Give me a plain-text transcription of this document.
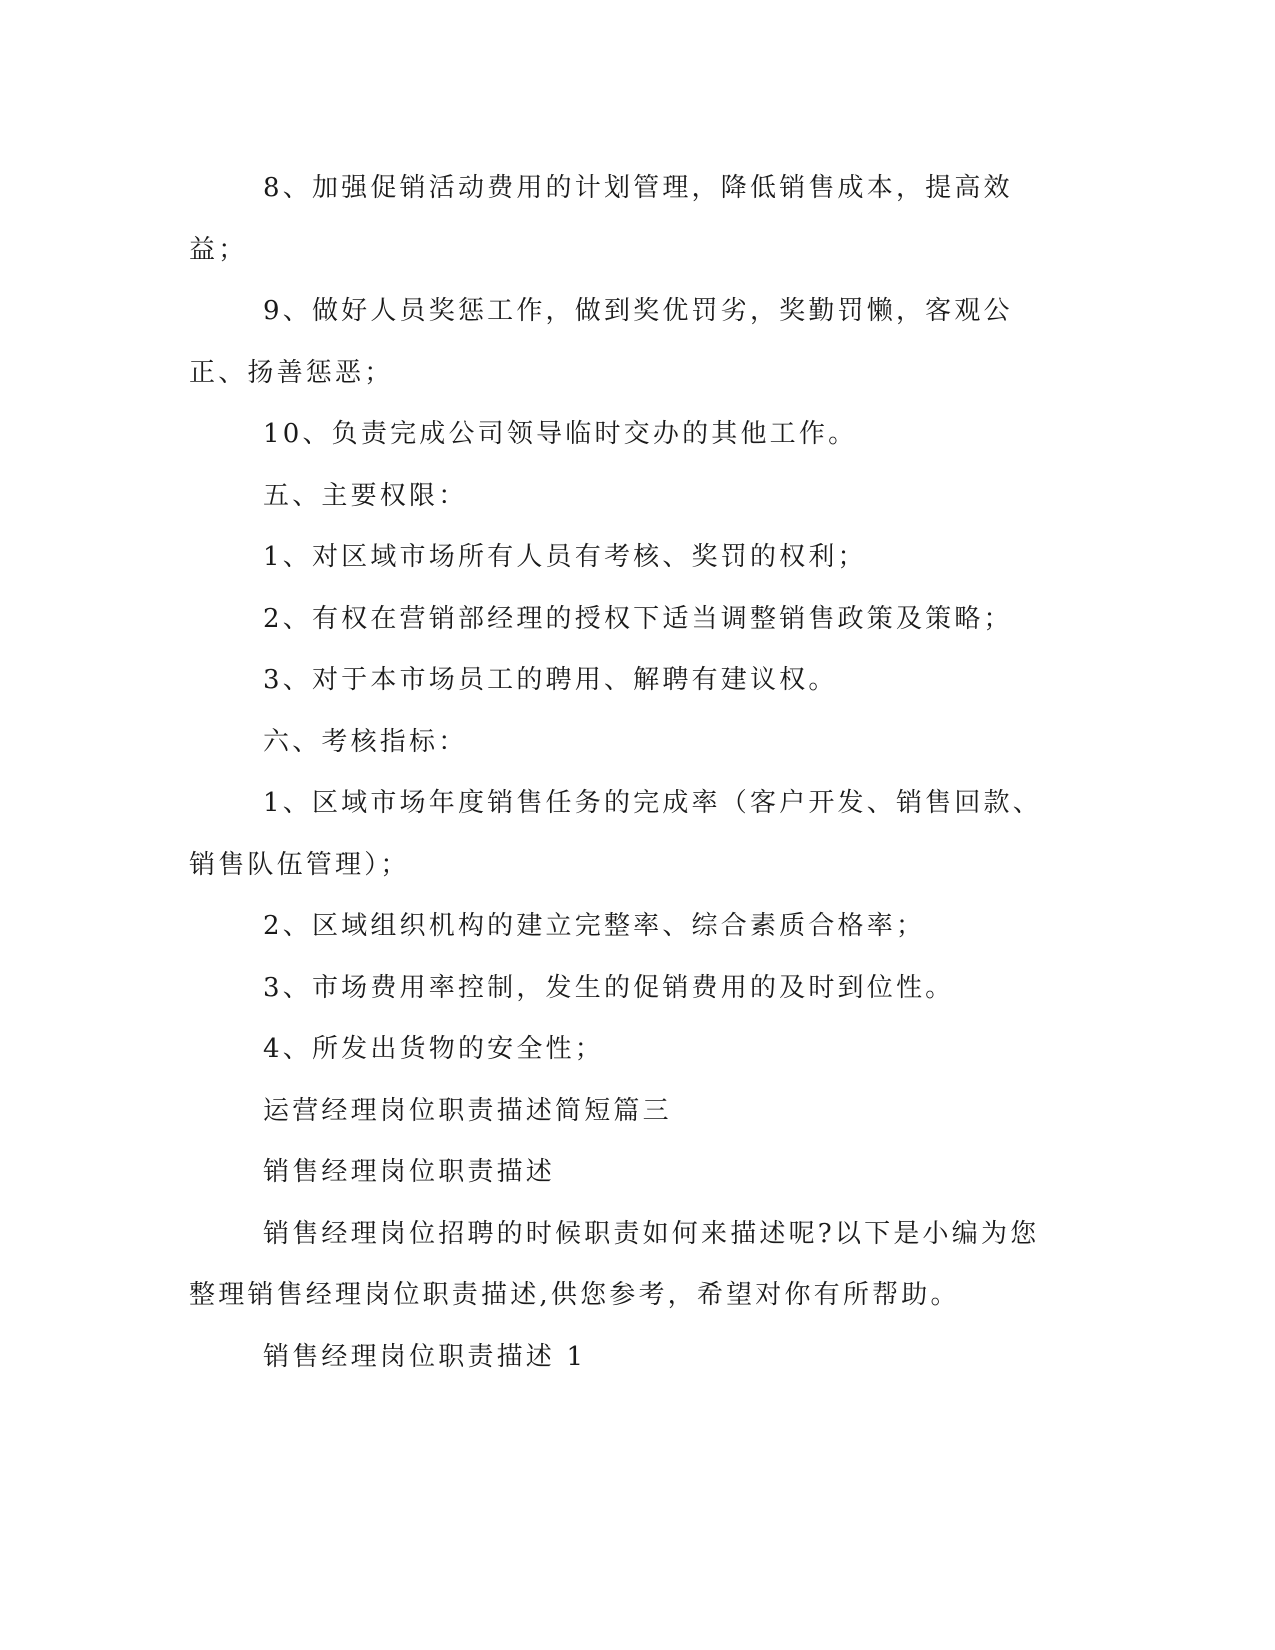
8、加强促销活动费用的计划管理，降低销售成本，提高效益；

9、做好人员奖惩工作，做到奖优罚劣，奖勤罚懒，客观公正、扬善惩恶；

10、负责完成公司领导临时交办的其他工作。

五、主要权限：

1、对区域市场所有人员有考核、奖罚的权利；

2、有权在营销部经理的授权下适当调整销售政策及策略；

3、对于本市场员工的聘用、解聘有建议权。

六、考核指标：

1、区域市场年度销售任务的完成率（客户开发、销售回款、销售队伍管理）；

2、区域组织机构的建立完整率、综合素质合格率；

3、市场费用率控制，发生的促销费用的及时到位性。

4、所发出货物的安全性；

运营经理岗位职责描述简短篇三

销售经理岗位职责描述

销售经理岗位招聘的时候职责如何来描述呢?以下是小编为您整理销售经理岗位职责描述,供您参考，希望对你有所帮助。

销售经理岗位职责描述 1
